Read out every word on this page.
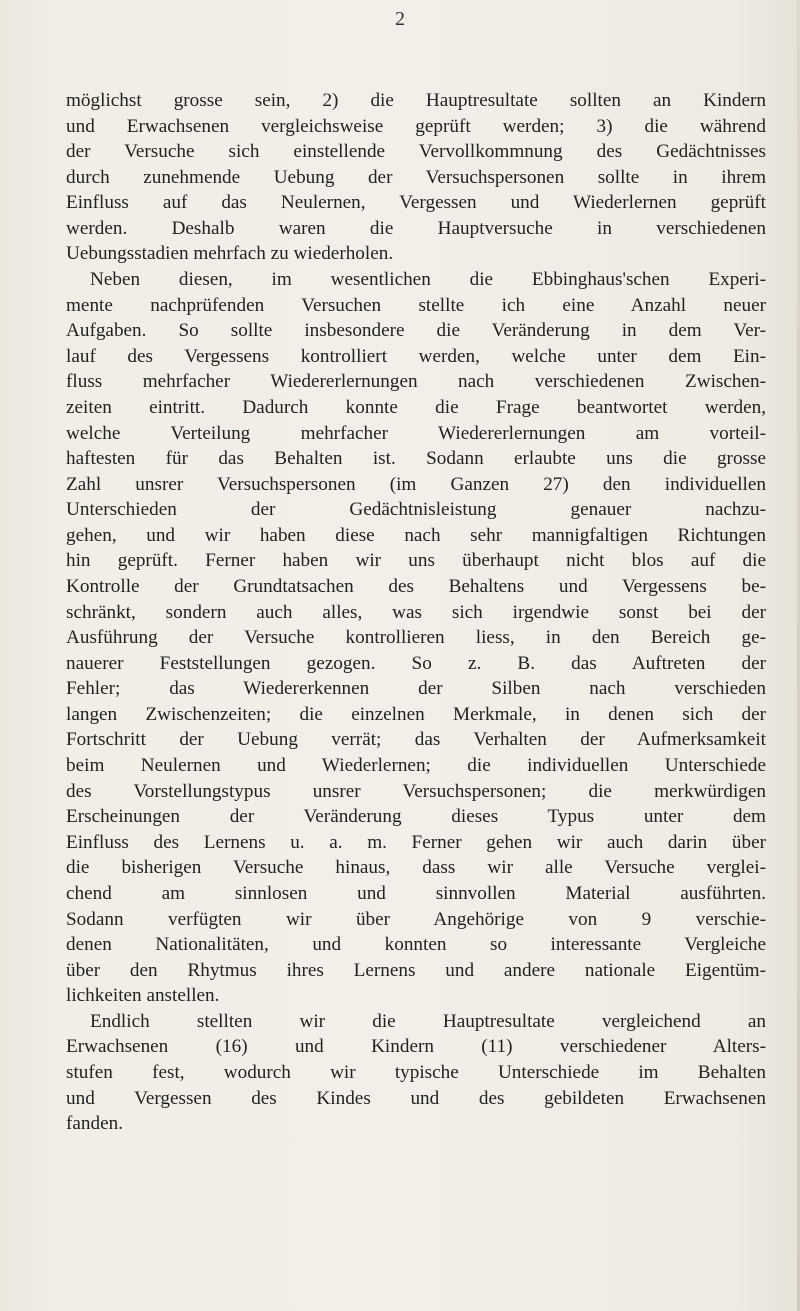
2
möglichst grosse sein, 2) die Hauptresultate sollten an Kindern
und Erwachsenen vergleichsweise geprüft werden; 3) die während
der Versuche sich einstellende Vervollkommnung des Gedächtnisses
durch zunehmende Uebung der Versuchspersonen sollte in ihrem
Einfluss auf das Neulernen, Vergessen und Wiederlernen geprüft
werden. Deshalb waren die Hauptversuche in verschiedenen
Uebungsstadien mehrfach zu wiederholen.
Neben diesen, im wesentlichen die Ebbinghaus'schen Experi-
mente nachprüfenden Versuchen stellte ich eine Anzahl neuer
Aufgaben. So sollte insbesondere die Veränderung in dem Ver-
lauf des Vergessens kontrolliert werden, welche unter dem Ein-
fluss mehrfacher Wiedererlernungen nach verschiedenen Zwischen-
zeiten eintritt. Dadurch konnte die Frage beantwortet werden,
welche Verteilung mehrfacher Wiedererlernungen am vorteil-
haftesten für das Behalten ist. Sodann erlaubte uns die grosse
Zahl unsrer Versuchspersonen (im Ganzen 27) den individuellen
Unterschieden der Gedächtnisleistung genauer nachzu-
gehen, und wir haben diese nach sehr mannigfaltigen Richtungen
hin geprüft. Ferner haben wir uns überhaupt nicht blos auf die
Kontrolle der Grundtatsachen des Behaltens und Vergessens be-
schränkt, sondern auch alles, was sich irgendwie sonst bei der
Ausführung der Versuche kontrollieren liess, in den Bereich ge-
nauerer Feststellungen gezogen. So z. B. das Auftreten der
Fehler; das Wiedererkennen der Silben nach verschieden
langen Zwischenzeiten; die einzelnen Merkmale, in denen sich der
Fortschritt der Uebung verrät; das Verhalten der Aufmerksamkeit
beim Neulernen und Wiederlernen; die individuellen Unterschiede
des Vorstellungstypus unsrer Versuchspersonen; die merkwürdigen
Erscheinungen der Veränderung dieses Typus unter dem
Einfluss des Lernens u. a. m. Ferner gehen wir auch darin über
die bisherigen Versuche hinaus, dass wir alle Versuche verglei-
chend am sinnlosen und sinnvollen Material ausführten.
Sodann verfügten wir über Angehörige von 9 verschie-
denen Nationalitäten, und konnten so interessante Vergleiche
über den Rhytmus ihres Lernens und andere nationale Eigentüm-
lichkeiten anstellen.
Endlich stellten wir die Hauptresultate vergleichend an
Erwachsenen (16) und Kindern (11) verschiedener Alters-
stufen fest, wodurch wir typische Unterschiede im Behalten
und Vergessen des Kindes und des gebildeten Erwachsenen
fanden.
